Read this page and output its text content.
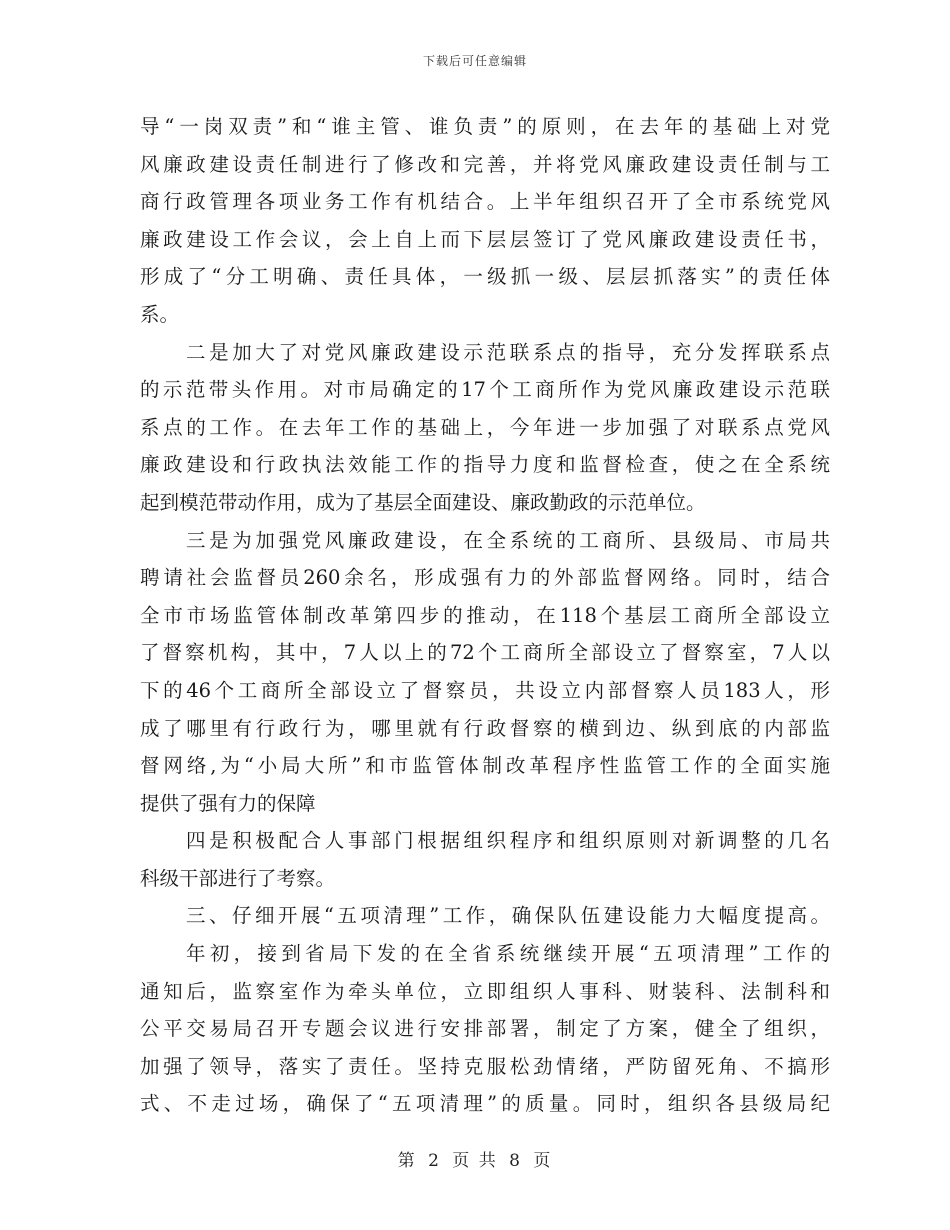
下载后可任意编辑
导“一岗双责”和“谁主管、谁负责”的原则，在去年的基础上对党
风廉政建设责任制进行了修改和完善，并将党风廉政建设责任制与工
商行政管理各项业务工作有机结合。上半年组织召开了全市系统党风
廉政建设工作会议，会上自上而下层层签订了党风廉政建设责任书，
形成了“分工明确、责任具体，一级抓一级、层层抓落实”的责任体
系。
二是加大了对党风廉政建设示范联系点的指导，充分发挥联系点
的示范带头作用。对市局确定的17个工商所作为党风廉政建设示范联
系点的工作。在去年工作的基础上，今年进一步加强了对联系点党风
廉政建设和行政执法效能工作的指导力度和监督检查，使之在全系统
起到模范带动作用，成为了基层全面建设、廉政勤政的示范单位。
三是为加强党风廉政建设，在全系统的工商所、县级局、市局共
聘请社会监督员260余名，形成强有力的外部监督网络。同时，结合
全市市场监管体制改革第四步的推动，在118个基层工商所全部设立
了督察机构，其中，7人以上的72个工商所全部设立了督察室，7人以
下的46个工商所全部设立了督察员，共设立内部督察人员183人，形
成了哪里有行政行为，哪里就有行政督察的横到边、纵到底的内部监
督网络,为“小局大所”和市监管体制改革程序性监管工作的全面实施
提供了强有力的保障
四是积极配合人事部门根据组织程序和组织原则对新调整的几名
科级干部进行了考察。
三、仔细开展“五项清理”工作，确保队伍建设能力大幅度提高。
年初，接到省局下发的在全省系统继续开展“五项清理”工作的
通知后，监察室作为牵头单位，立即组织人事科、财装科、法制科和
公平交易局召开专题会议进行安排部署，制定了方案，健全了组织，
加强了领导，落实了责任。坚持克服松劲情绪，严防留死角、不搞形
式、不走过场，确保了“五项清理”的质量。同时，组织各县级局纪
第 2 页 共 8 页
